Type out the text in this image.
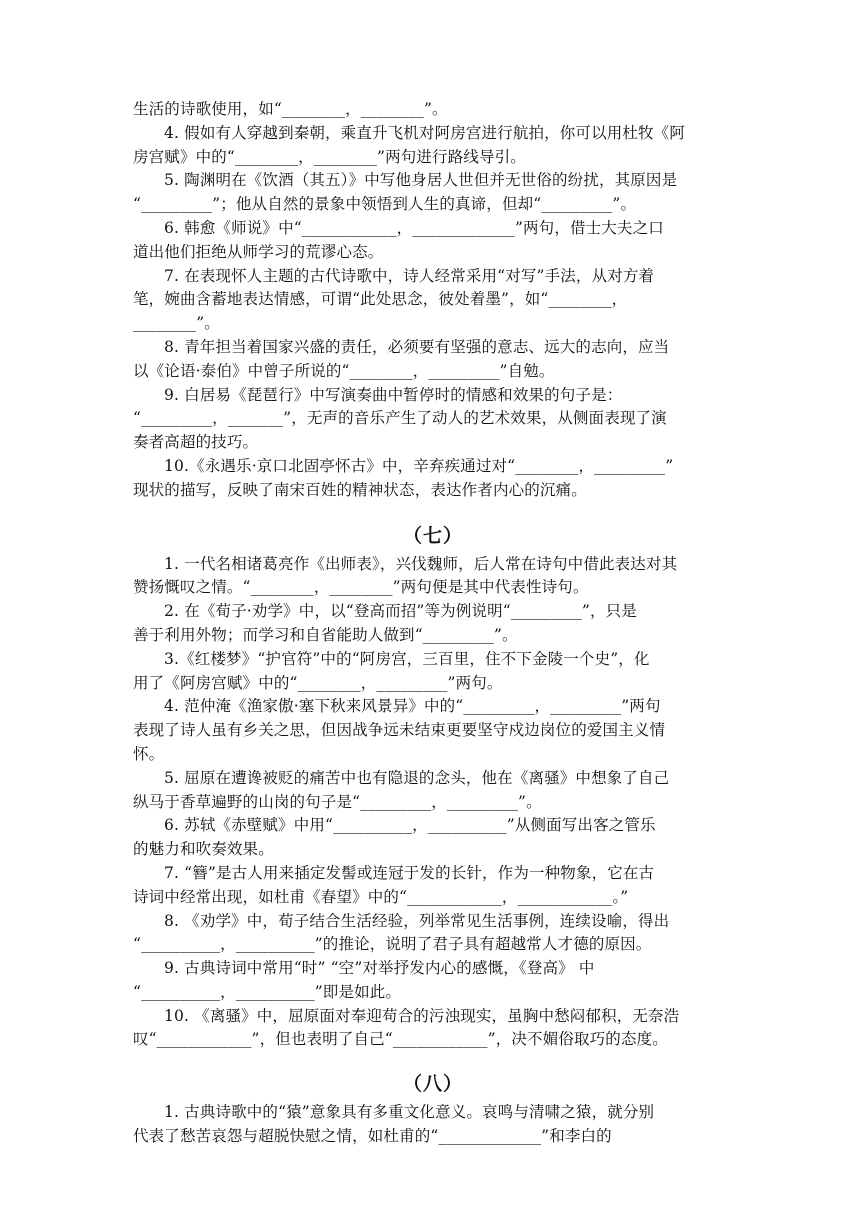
生活的诗歌使用，如“________，________”。
4. 假如有人穿越到秦朝，乘直升飞机对阿房宫进行航拍，你可以用杜牧《阿
房宫赋》中的“________，________”两句进行路线导引。
5. 陶渊明在《饮酒（其五）》中写他身居人世但并无世俗的纷扰，其原因是
“_________”；他从自然的景象中领悟到人生的真谛，但却“_________”。
6. 韩愈《师说》中“____________，_____________”两句，借士大夫之口
道出他们拒绝从师学习的荒谬心态。
7. 在表现怀人主题的古代诗歌中，诗人经常采用“对写”手法，从对方着
笔，婉曲含蓄地表达情感，可谓“此处思念，彼处着墨”，如“________，
________”。
8. 青年担当着国家兴盛的责任，必须要有坚强的意志、远大的志向，应当
以《论语·泰伯》中曾子所说的“________，_________”自勉。
9. 白居易《琵琶行》中写演奏曲中暂停时的情感和效果的句子是：
“_________，_______”，无声的音乐产生了动人的艺术效果，从侧面表现了演
奏者高超的技巧。
10.《永遇乐·京口北固亭怀古》中，辛弃疾通过对“________，_________”
现状的描写，反映了南宋百姓的精神状态，表达作者内心的沉痛。
（七）
1. 一代名相诸葛亮作《出师表》，兴伐魏师，后人常在诗句中借此表达对其
赞扬慨叹之情。“________，________”两句便是其中代表性诗句。
2. 在《荀子·劝学》中，以“登高而招”等为例说明“_________”，只是
善于利用外物；而学习和自省能助人做到“_________”。
3.《红楼梦》“护官符”中的“阿房宫，三百里，住不下金陵一个史”，化
用了《阿房宫赋》中的“________，_________”两句。
4. 范仲淹《渔家傲·塞下秋来风景异》中的“_________，_________”两句
表现了诗人虽有乡关之思，但因战争远未结束更要坚守戍边岗位的爱国主义情
怀。
5. 屈原在遭谗被贬的痛苦中也有隐退的念头，他在《离骚》中想象了自己
纵马于香草遍野的山岗的句子是“_________，_________”。
6. 苏轼《赤壁赋》中用“__________，__________”从侧面写出客之管乐
的魅力和吹奏效果。
7. “簪”是古人用来插定发髻或连冠于发的长针，作为一种物象，它在古
诗词中经常出现，如杜甫《春望》中的“____________，____________。”
8. 《劝学》中，荀子结合生活经验，列举常见生活事例，连续设喻，得出
“__________，__________”的推论，说明了君子具有超越常人才德的原因。
9. 古典诗词中常用“时” “空”对举抒发内心的感慨，《登高》 中
“__________，__________”即是如此。
10. 《离骚》中，屈原面对奉迎苟合的污浊现实，虽胸中愁闷郁积，无奈浩
叹“____________”，但也表明了自己“____________”，决不媚俗取巧的态度。
（八）
1. 古典诗歌中的“猿”意象具有多重文化意义。哀鸣与清啸之猿，就分别
代表了愁苦哀怨与超脱快慰之情，如杜甫的“_____________”和李白的
